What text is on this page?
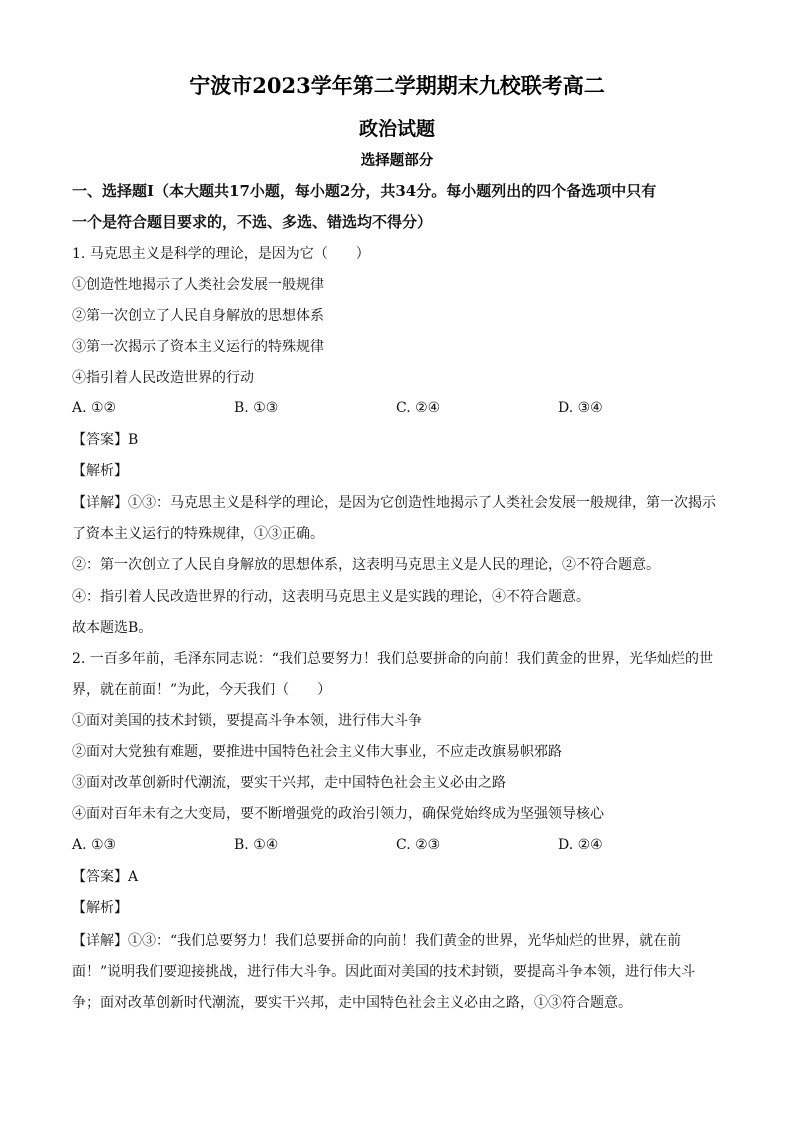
宁波市2023学年第二学期期末九校联考高二
政治试题
选择题部分
一、选择题Ⅰ（本大题共17小题，每小题2分，共34分。每小题列出的四个备选项中只有
一个是符合题目要求的，不选、多选、错选均不得分）
1. 马克思主义是科学的理论，是因为它（　　）
①创造性地揭示了人类社会发展一般规律
②第一次创立了人民自身解放的思想体系
③第一次揭示了资本主义运行的特殊规律
④指引着人民改造世界的行动
A. ①②	B. ①③	C. ②④	D. ③④
【答案】B
【解析】
【详解】①③：马克思主义是科学的理论，是因为它创造性地揭示了人类社会发展一般规律，第一次揭示
了资本主义运行的特殊规律，①③正确。
②：第一次创立了人民自身解放的思想体系，这表明马克思主义是人民的理论，②不符合题意。
④：指引着人民改造世界的行动，这表明马克思主义是实践的理论，④不符合题意。
故本题选B。
2. 一百多年前，毛泽东同志说：“我们总要努力！我们总要拼命的向前！我们黄金的世界，光华灿烂的世
界，就在前面！”为此，今天我们（　　）
①面对美国的技术封锁，要提高斗争本领，进行伟大斗争
②面对大党独有难题，要推进中国特色社会主义伟大事业，不应走改旗易帜邪路
③面对改革创新时代潮流，要实干兴邦，走中国特色社会主义必由之路
④面对百年未有之大变局，要不断增强党的政治引领力，确保党始终成为坚强领导核心
A. ①③	B. ①④	C. ②③	D. ②④
【答案】A
【解析】
【详解】①③：“我们总要努力！我们总要拼命的向前！我们黄金的世界，光华灿烂的世界，就在前
面！”说明我们要迎接挑战，进行伟大斗争。因此面对美国的技术封锁，要提高斗争本领，进行伟大斗
争；面对改革创新时代潮流，要实干兴邦，走中国特色社会主义必由之路，①③符合题意。
